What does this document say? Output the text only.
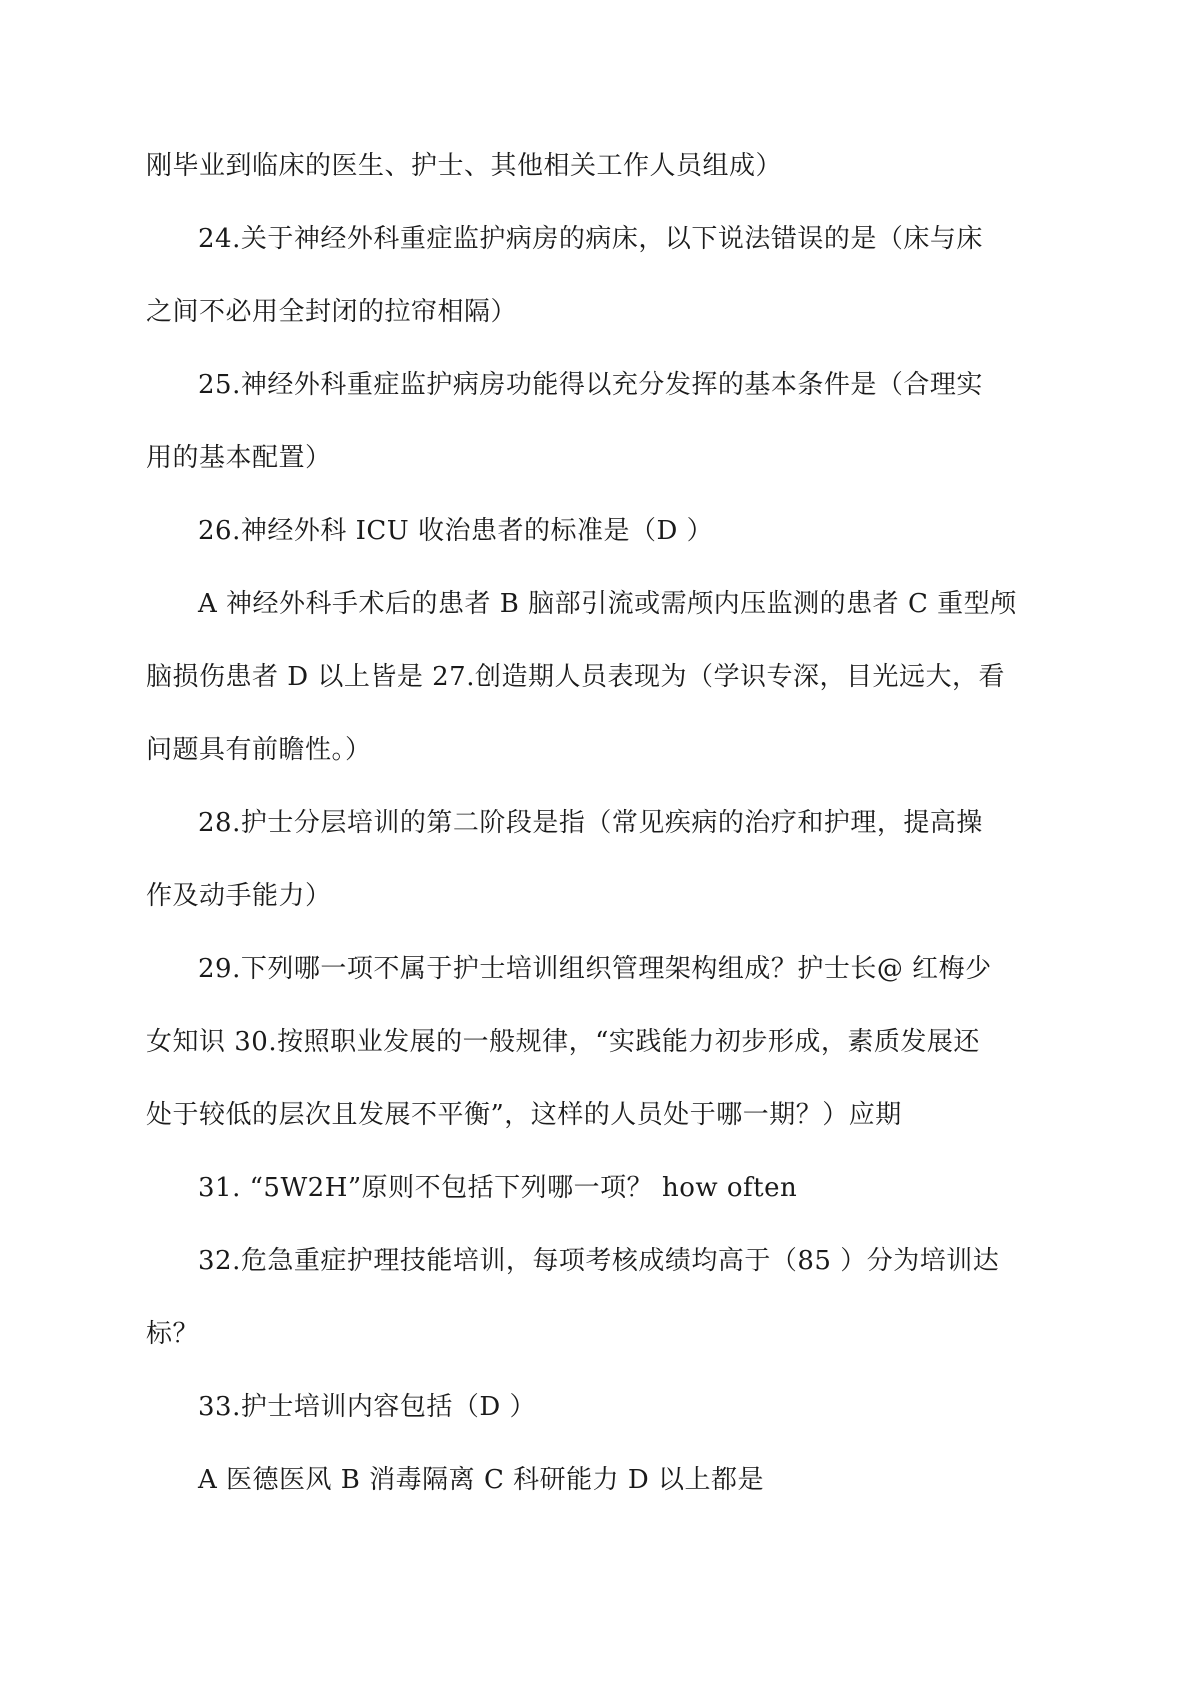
刚毕业到临床的医生、护士、其他相关工作人员组成）
24.关于神经外科重症监护病房的病床，以下说法错误的是（床与床
之间不必用全封闭的拉帘相隔）
25.神经外科重症监护病房功能得以充分发挥的基本条件是（合理实
用的基本配置）
26.神经外科 ICU 收治患者的标准是（D ）
A 神经外科手术后的患者 B 脑部引流或需颅内压监测的患者 C 重型颅
脑损伤患者 D 以上皆是 27.创造期人员表现为（学识专深，目光远大，看
问题具有前瞻性。）
28.护士分层培训的第二阶段是指（常见疾病的治疗和护理，提高操
作及动手能力）
29.下列哪一项不属于护士培训组织管理架构组成？护士长@ 红梅少
女知识 30.按照职业发展的一般规律，“实践能力初步形成，素质发展还
处于较低的层次且发展不平衡”，这样的人员处于哪一期？）应期
31. “5W2H”原则不包括下列哪一项？ how often
32.危急重症护理技能培训，每项考核成绩均高于（85 ）分为培训达
标？
33.护士培训内容包括（D ）
A 医德医风 B 消毒隔离 C 科研能力 D 以上都是
